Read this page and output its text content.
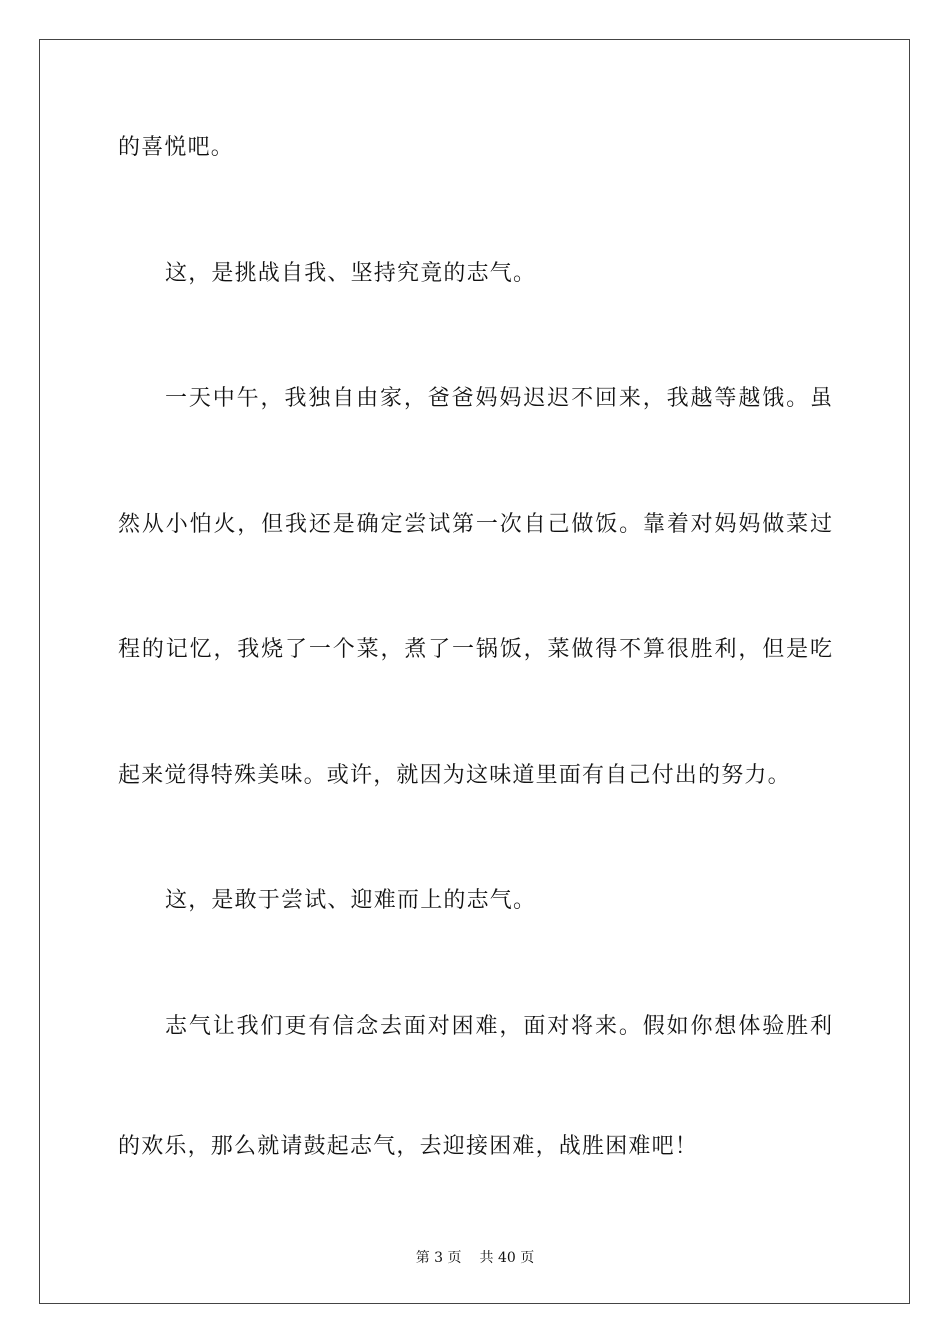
的喜悦吧。
这，是挑战自我、坚持究竟的志气。
一天中午，我独自由家，爸爸妈妈迟迟不回来，我越等越饿。虽
然从小怕火，但我还是确定尝试第一次自己做饭。靠着对妈妈做菜过
程的记忆，我烧了一个菜，煮了一锅饭，菜做得不算很胜利，但是吃
起来觉得特殊美味。或许，就因为这味道里面有自己付出的努力。
这，是敢于尝试、迎难而上的志气。
志气让我们更有信念去面对困难，面对将来。假如你想体验胜利
的欢乐，那么就请鼓起志气，去迎接困难，战胜困难吧！
第 3 页 共 40 页
